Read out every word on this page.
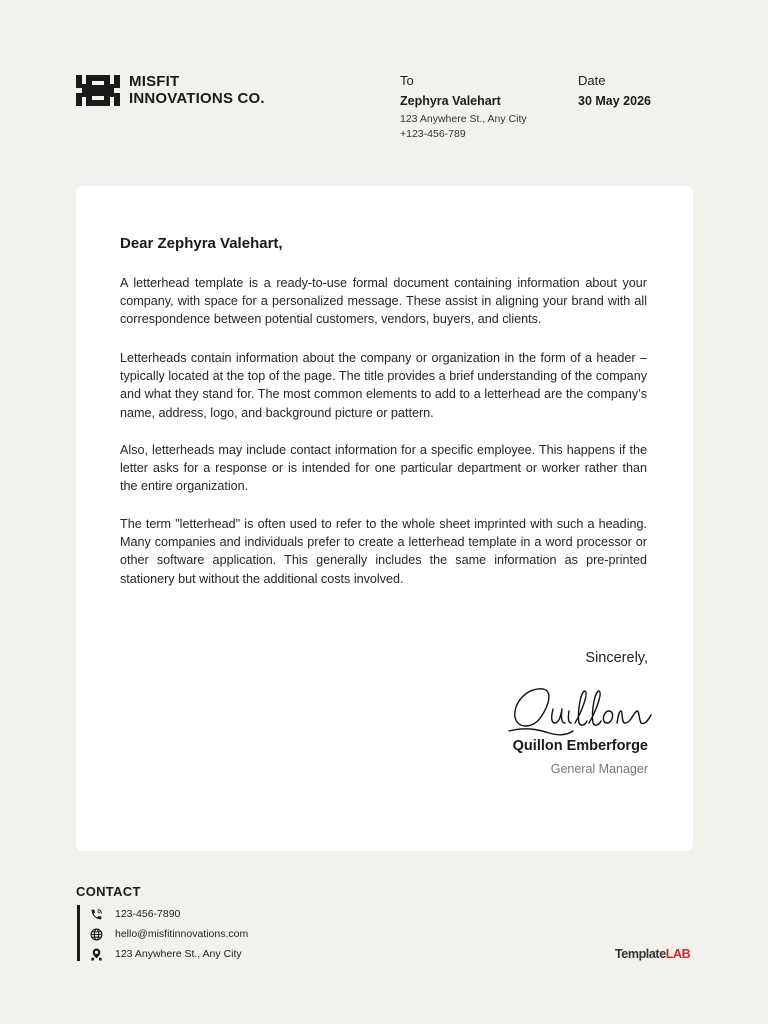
MISFIT
INNOVATIONS CO.
To
Zephyra Valehart
123 Anywhere St., Any City
+123-456-789
Date
30 May 2026
Dear Zephyra Valehart,

A letterhead template is a ready-to-use formal document containing information about your company, with space for a personalized message. These assist in aligning your brand with all correspondence between potential customers, vendors, buyers, and clients.

Letterheads contain information about the company or organization in the form of a header – typically located at the top of the page. The title provides a brief understanding of the company and what they stand for. The most common elements to add to a letterhead are the company’s name, address, logo, and background picture or pattern.

Also, letterheads may include contact information for a specific employee. This happens if the letter asks for a response or is intended for one particular department or worker rather than the entire organization.

The term "letterhead" is often used to refer to the whole sheet imprinted with such a heading. Many companies and individuals prefer to create a letterhead template in a word processor or other software application. This generally includes the same information as pre-printed stationery but without the additional costs involved.

Sincerely,
Quillon Emberforge
General Manager
CONTACT
123-456-7890
hello@misfitinnovations.com
123 Anywhere St., Any City	TemplateLAB
